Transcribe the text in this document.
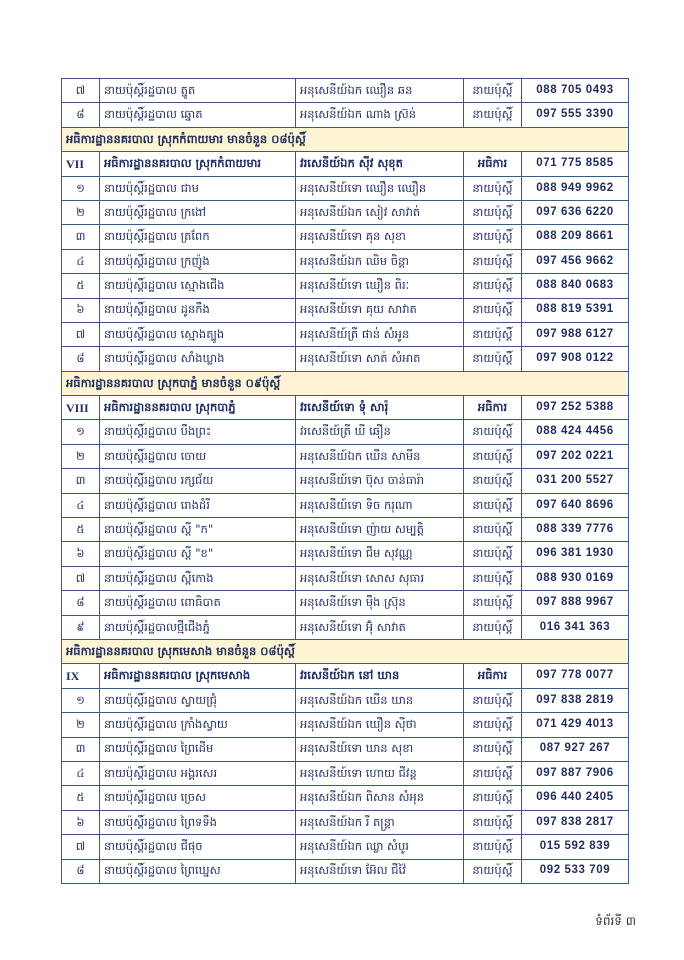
៧	នាយប៉ុស្តិ៍រដ្ឋបាល ត្នូត	អនុសេនីយ៍ឯក ឈឿន ឆន	នាយប៉ុស្តិ៍	088 705 0493
៨	នាយប៉ុស្តិ៍រដ្ឋបាល ឆ្នោត	អនុសេនីយ៍ឯក ណាង ស្រ៊ន់	នាយប៉ុស្តិ៍	097 555 3390
អធិការដ្ឋាននគរបាល ស្រុកកំពាយមារ មានចំនួន ០៨ប៉ុស្តិ៍				
VII	អធិការដ្ឋាននគរបាល ស្រុកកំពាយមារ	វរសេនីយ៍ឯក ស៊ីវ សុខុត	អធិការ	071 775 8585
១	នាយប៉ុស្តិ៍រដ្ឋបាល ជាម	អនុសេនីយ៍ទោ ឈឿន ឈឿន	នាយប៉ុស្តិ៍	088 949 9962
២	នាយប៉ុស្តិ៍រដ្ឋបាល ក្រងៅ	អនុសេនីយ៍ឯក សៀវ សាវាត់	នាយប៉ុស្តិ៍	097 636 6220
៣	នាយប៉ុស្តិ៍រដ្ឋបាល ត្រពែក	អនុសេនីយ៍ទោ គុន សុខា	នាយប៉ុស្តិ៍	088 209 8661
៤	នាយប៉ុស្តិ៍រដ្ឋបាល ក្រញ៉ូង	អនុសេនីយ៍ឯក ឈិម ចិន្តា	នាយប៉ុស្តិ៍	097 456 9662
៥	នាយប៉ុស្តិ៍រដ្ឋបាល ស្មោងជើង	អនុសេនីយ៍ទោ ឃឿន ពិរៈ	នាយប៉ុស្តិ៍	088 840 0683
៦	នាយប៉ុស្តិ៍រដ្ឋបាល ដូនកឹង	អនុសេនីយ៍ទោ គុយ សាវាត	នាយប៉ុស្តិ៍	088 819 5391
៧	នាយប៉ុស្តិ៍រដ្ឋបាល ស្មោងត្បូង	អនុសេនីយ៍ត្រី ផាន់ សំអូន	នាយប៉ុស្តិ៍	097 988 6127
៨	នាយប៉ុស្តិ៍រដ្ឋបាល សាំងឃ្លាង	អនុសេនីយ៍ទោ សាត់ សំអាត	នាយប៉ុស្តិ៍	097 908 0122
អធិការដ្ឋាននគរបាល ស្រុកបាភ្នំ មានចំនួន ០៩ប៉ុស្តិ៍				
VIII	អធិការដ្ឋាននគរបាល ស្រុកបាភ្នំ	វរសេនីយ៍ទោ ទុំ សារ៉ុ	អធិការ	097 252 5388
១	នាយប៉ុស្តិ៍រដ្ឋបាល បឹងព្រះ	វរសេនីយ៍ត្រី ឃី ឆឿន	នាយប៉ុស្តិ៍	088 424 4456
២	នាយប៉ុស្តិ៍រដ្ឋបាល ចោយ	អនុសេនីយ៍ឯក ឃើន សាមីន	នាយប៉ុស្តិ៍	097 202 0221
៣	នាយប៉ុស្តិ៍រដ្ឋបាល រក្សជ័យ	អនុសេនីយ៍ទោ ប៊ុស ចាន់ធារ៉ា	នាយប៉ុស្តិ៍	031 200 5527
៤	នាយប៉ុស្តិ៍រដ្ឋបាល រោងដំរី	អនុសេនីយ៍ទោ ទិច ករុណា	នាយប៉ុស្តិ៍	097 640 8696
៥	នាយប៉ុស្តិ៍រដ្ឋបាល ស្តី "ក"	អនុសេនីយ៍ទោ ញ៉ាយ សម្បត្តិ	នាយប៉ុស្តិ៍	088 339 7776
៦	នាយប៉ុស្តិ៍រដ្ឋបាល ស្តី "ខ"	អនុសេនីយ៍ទោ ជឹម សុវណ្ណ	នាយប៉ុស្តិ៍	096 381 1930
៧	នាយប៉ុស្តិ៍រដ្ឋបាល ស្ពឺកោង	អនុសេនីយ៍ទោ សោស សុធារ	នាយប៉ុស្តិ៍	088 930 0169
៨	នាយប៉ុស្តិ៍រដ្ឋបាល ពោធិបាត	អនុសេនីយ៍ទោ ម៉ឹង ស្រ៊ុន	នាយប៉ុស្តិ៍	097 888 9967
៩	នាយប៉ុស្តិ៍រដ្ឋបាលថ្មីជើងភ្នំ	អនុសេនីយ៍ទោ អ៊ុំ សាវាត	នាយប៉ុស្តិ៍	016 341 363
អធិការដ្ឋាននគរបាល ស្រុកមេសាង មានចំនួន ០៨ប៉ុស្តិ៍				
IX	អធិការដ្ឋាននគរបាល ស្រុកមេសាង	វរសេនីយ៍ឯក នៅ ឃាន	អធិការ	097 778 0077
១	នាយប៉ុស្តិ៍រដ្ឋបាល ស្វាយជ្រុំ	អនុសេនីយ៍ឯក ឃើន ឃាន	នាយប៉ុស្តិ៍	097 838 2819
២	នាយប៉ុស្តិ៍រដ្ឋបាល ក្រាំងស្វាយ	អនុសេនីយ៍ឯក ឃឿន ស៊ីថា	នាយប៉ុស្តិ៍	071 429 4013
៣	នាយប៉ុស្តិ៍រដ្ឋបាល ព្រៃដើម	អនុសេនីយ៍ទោ ឃាន សុខា	នាយប៉ុស្តិ៍	087 927 267
៤	នាយប៉ុស្តិ៍រដ្ឋបាល អង្គរសេរ	អនុសេនីយ៍ទោ ហោយ ជីវន្ត	នាយប៉ុស្តិ៍	097 887 7906
៥	នាយប៉ុស្តិ៍រដ្ឋបាល ច្រេស	អនុសេនីយ៍ឯក ពិសាន សំអុន	នាយប៉ុស្តិ៍	096 440 2405
៦	នាយប៉ុស្តិ៍រដ្ឋបាល ព្រៃទទឹង	អនុសេនីយ៍ឯក រី តន្ត្រា	នាយប៉ុស្តិ៍	097 838 2817
៧	នាយប៉ុស្តិ៍រដ្ឋបាល ជីផុច	អនុសេនីយ៍ឯក ឈ្លា សំបូរ	នាយប៉ុស្តិ៍	015 592 839
៨	នាយប៉ុស្តិ៍រដ្ឋបាល ព្រៃឃ្នេស	អនុសេនីយ៍ទោ អ៊ែល ជីវ៉ៃ	នាយប៉ុស្តិ៍	092 533 709
ទំព័រទី ៣
